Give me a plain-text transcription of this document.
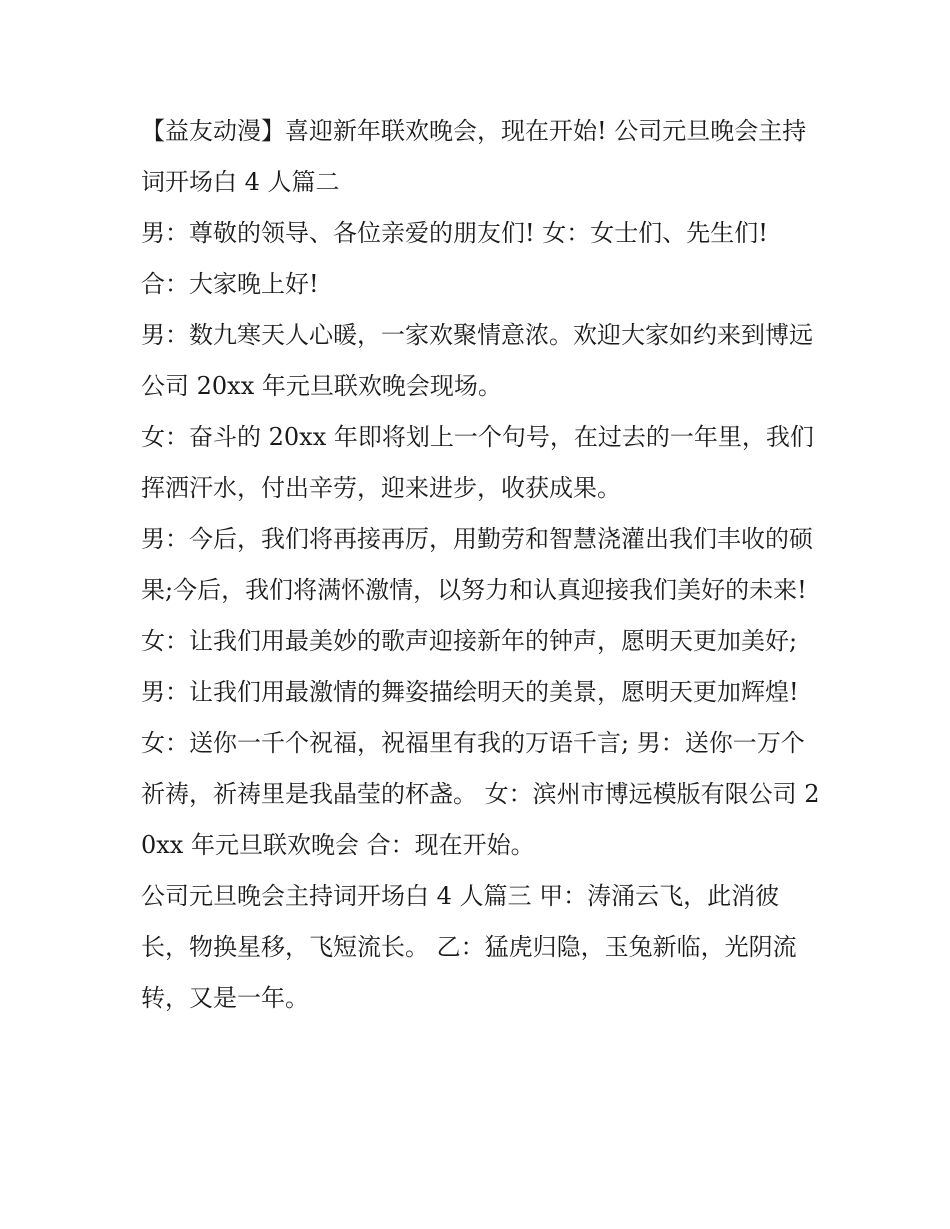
【益友动漫】喜迎新年联欢晚会，现在开始! 公司元旦晚会主持词开场白 4 人篇二

男：尊敬的领导、各位亲爱的朋友们! 女：女士们、先生们!

合：大家晚上好!

男：数九寒天人心暖，一家欢聚情意浓。欢迎大家如约来到博远公司 20xx 年元旦联欢晚会现场。

女：奋斗的 20xx 年即将划上一个句号，在过去的一年里，我们挥洒汗水，付出辛劳，迎来进步，收获成果。

男：今后，我们将再接再厉，用勤劳和智慧浇灌出我们丰收的硕果;今后，我们将满怀激情，以努力和认真迎接我们美好的未来!

女：让我们用最美妙的歌声迎接新年的钟声，愿明天更加美好; 男：让我们用最激情的舞姿描绘明天的美景，愿明天更加辉煌!

女：送你一千个祝福，祝福里有我的万语千言; 男：送你一万个祈祷，祈祷里是我晶莹的杯盏。 女：滨州市博远模版有限公司 20xx 年元旦联欢晚会 合：现在开始。

公司元旦晚会主持词开场白 4 人篇三 甲：涛涌云飞，此消彼长，物换星移，飞短流长。 乙：猛虎归隐，玉兔新临，光阴流转，又是一年。
